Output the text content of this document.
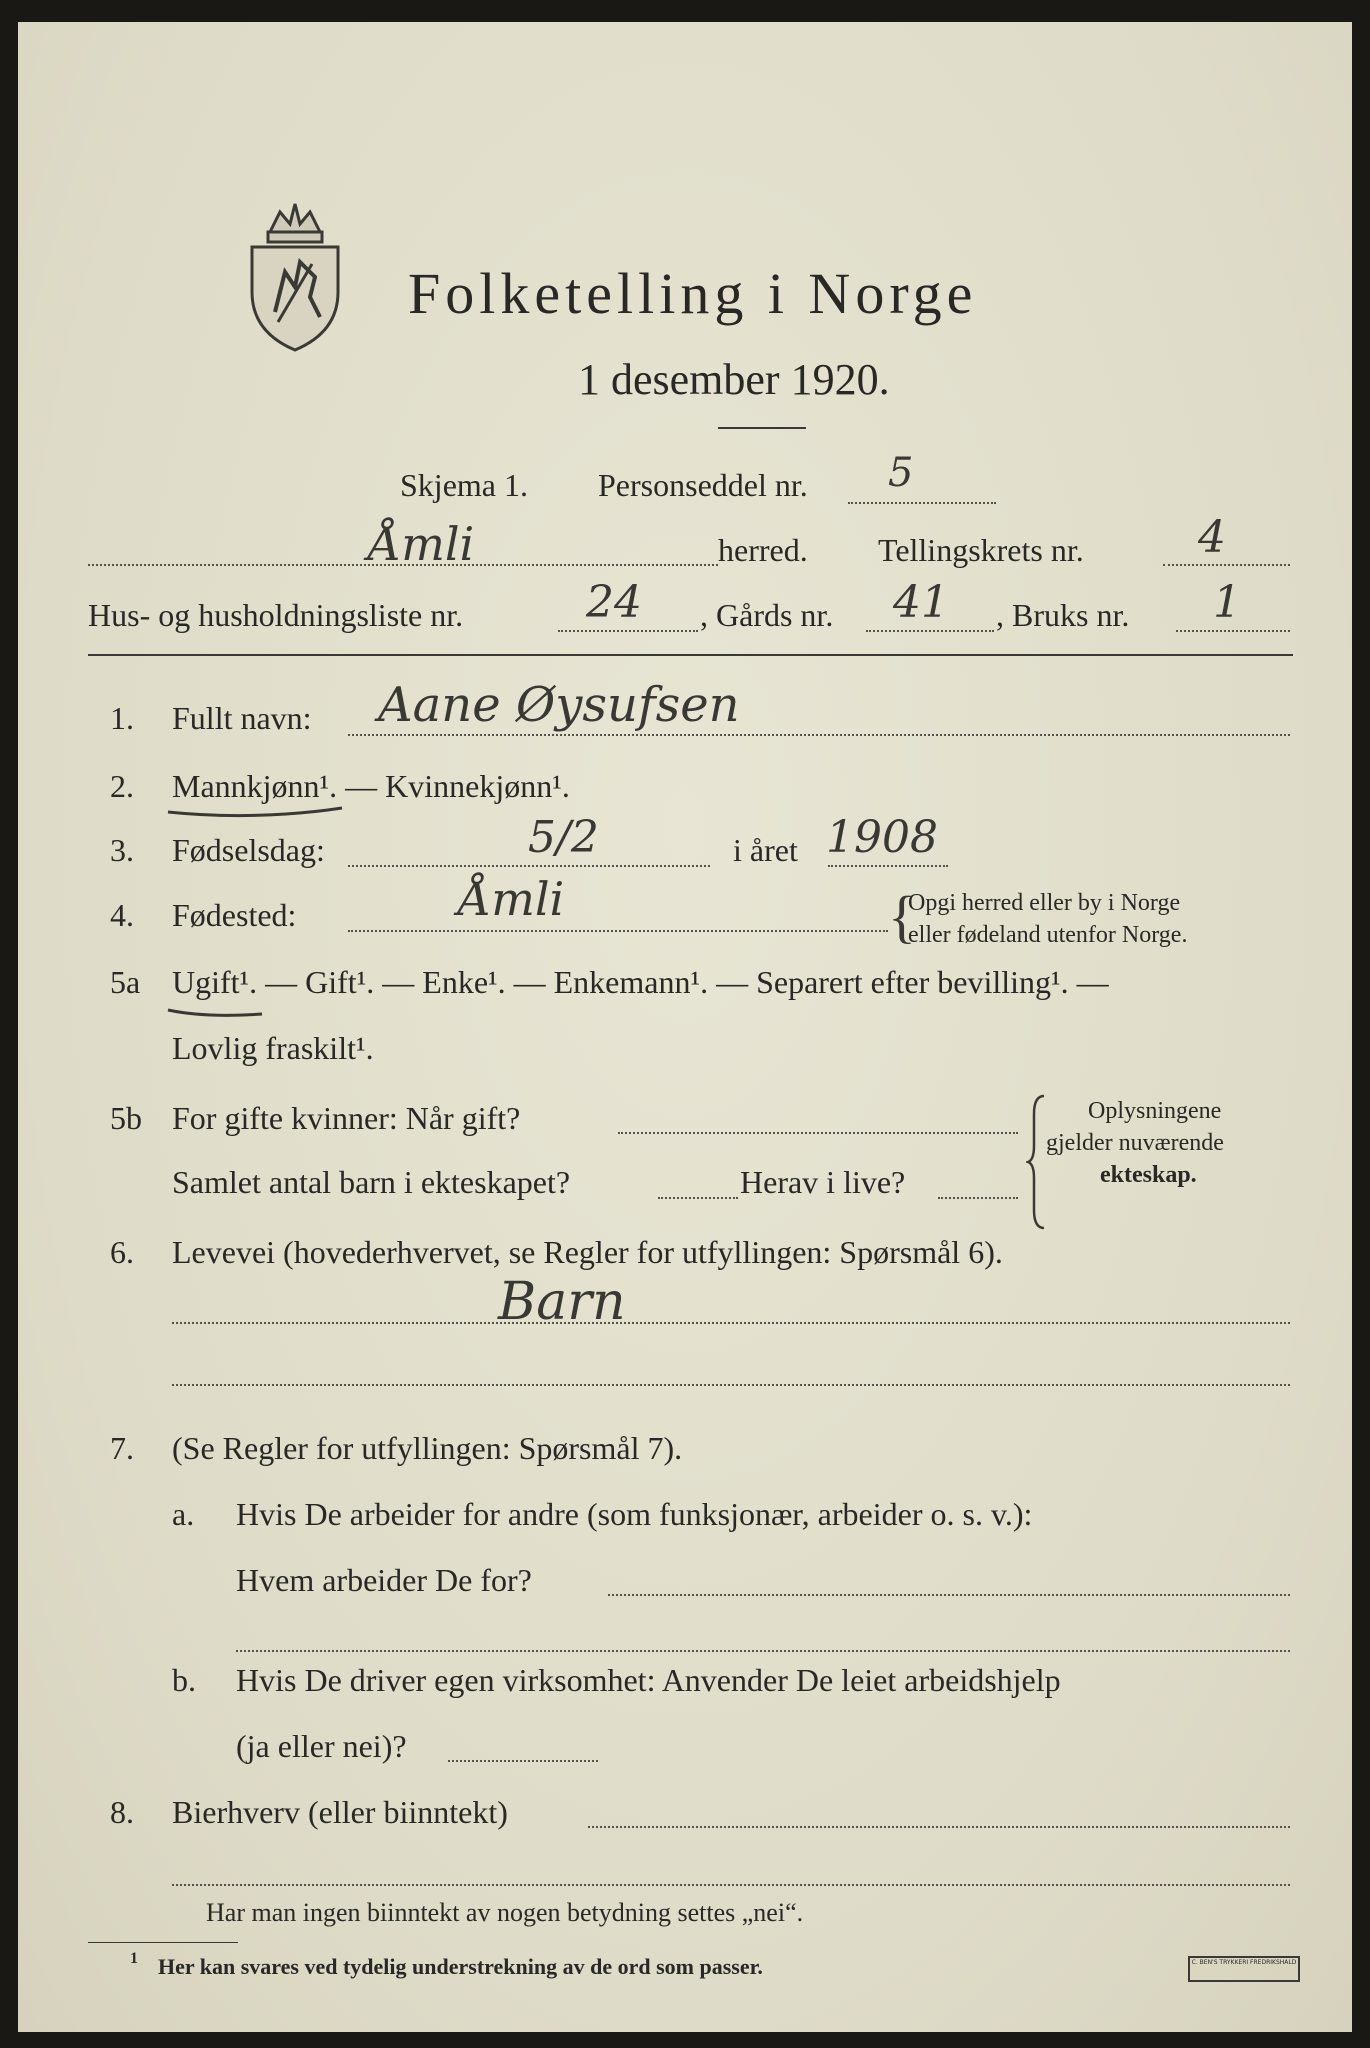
Folketelling i Norge
1 desember 1920.
Skjema 1. Personseddel nr. 5
Åmli	herred. Tellingskrets nr.	4
Hus- og husholdningsliste nr.	24 , Gårds nr. 41 , Bruks nr. 1
1. Fullt navn: Aane Øysufsen
2. Mannkjønn¹. — Kvinnekjønn¹.
3. Fødselsdag:	5/2	i året 1908
4. Fødested:	Åmli	{
Opgi herred eller by i Norge
eller fødeland utenfor Norge.
5a Ugift¹. — Gift¹. — Enke¹. — Enkemann¹. — Separert efter bevilling¹. —
Lovlig fraskilt¹.
5b For gifte kvinner: Når gift?
Samlet antal barn i ekteskapet?	Herav i live?
Oplysningene
gjelder nuværende
ekteskap.
6. Levevei (hovederhvervet, se Regler for utfyllingen: Spørsmål 6).
Barn
7. (Se Regler for utfyllingen: Spørsmål 7).
a. Hvis De arbeider for andre (som funksjonær, arbeider o. s. v.):
Hvem arbeider De for?
b. Hvis De driver egen virksomhet: Anvender De leiet arbeidshjelp
(ja eller nei)?
8. Bierhverv (eller biinntekt)
Har man ingen biinntekt av nogen betydning settes „nei“.
1 Her kan svares ved tydelig understrekning av de ord som passer.	C. BEN'S TRYKKERI FREDRIKSHALD
